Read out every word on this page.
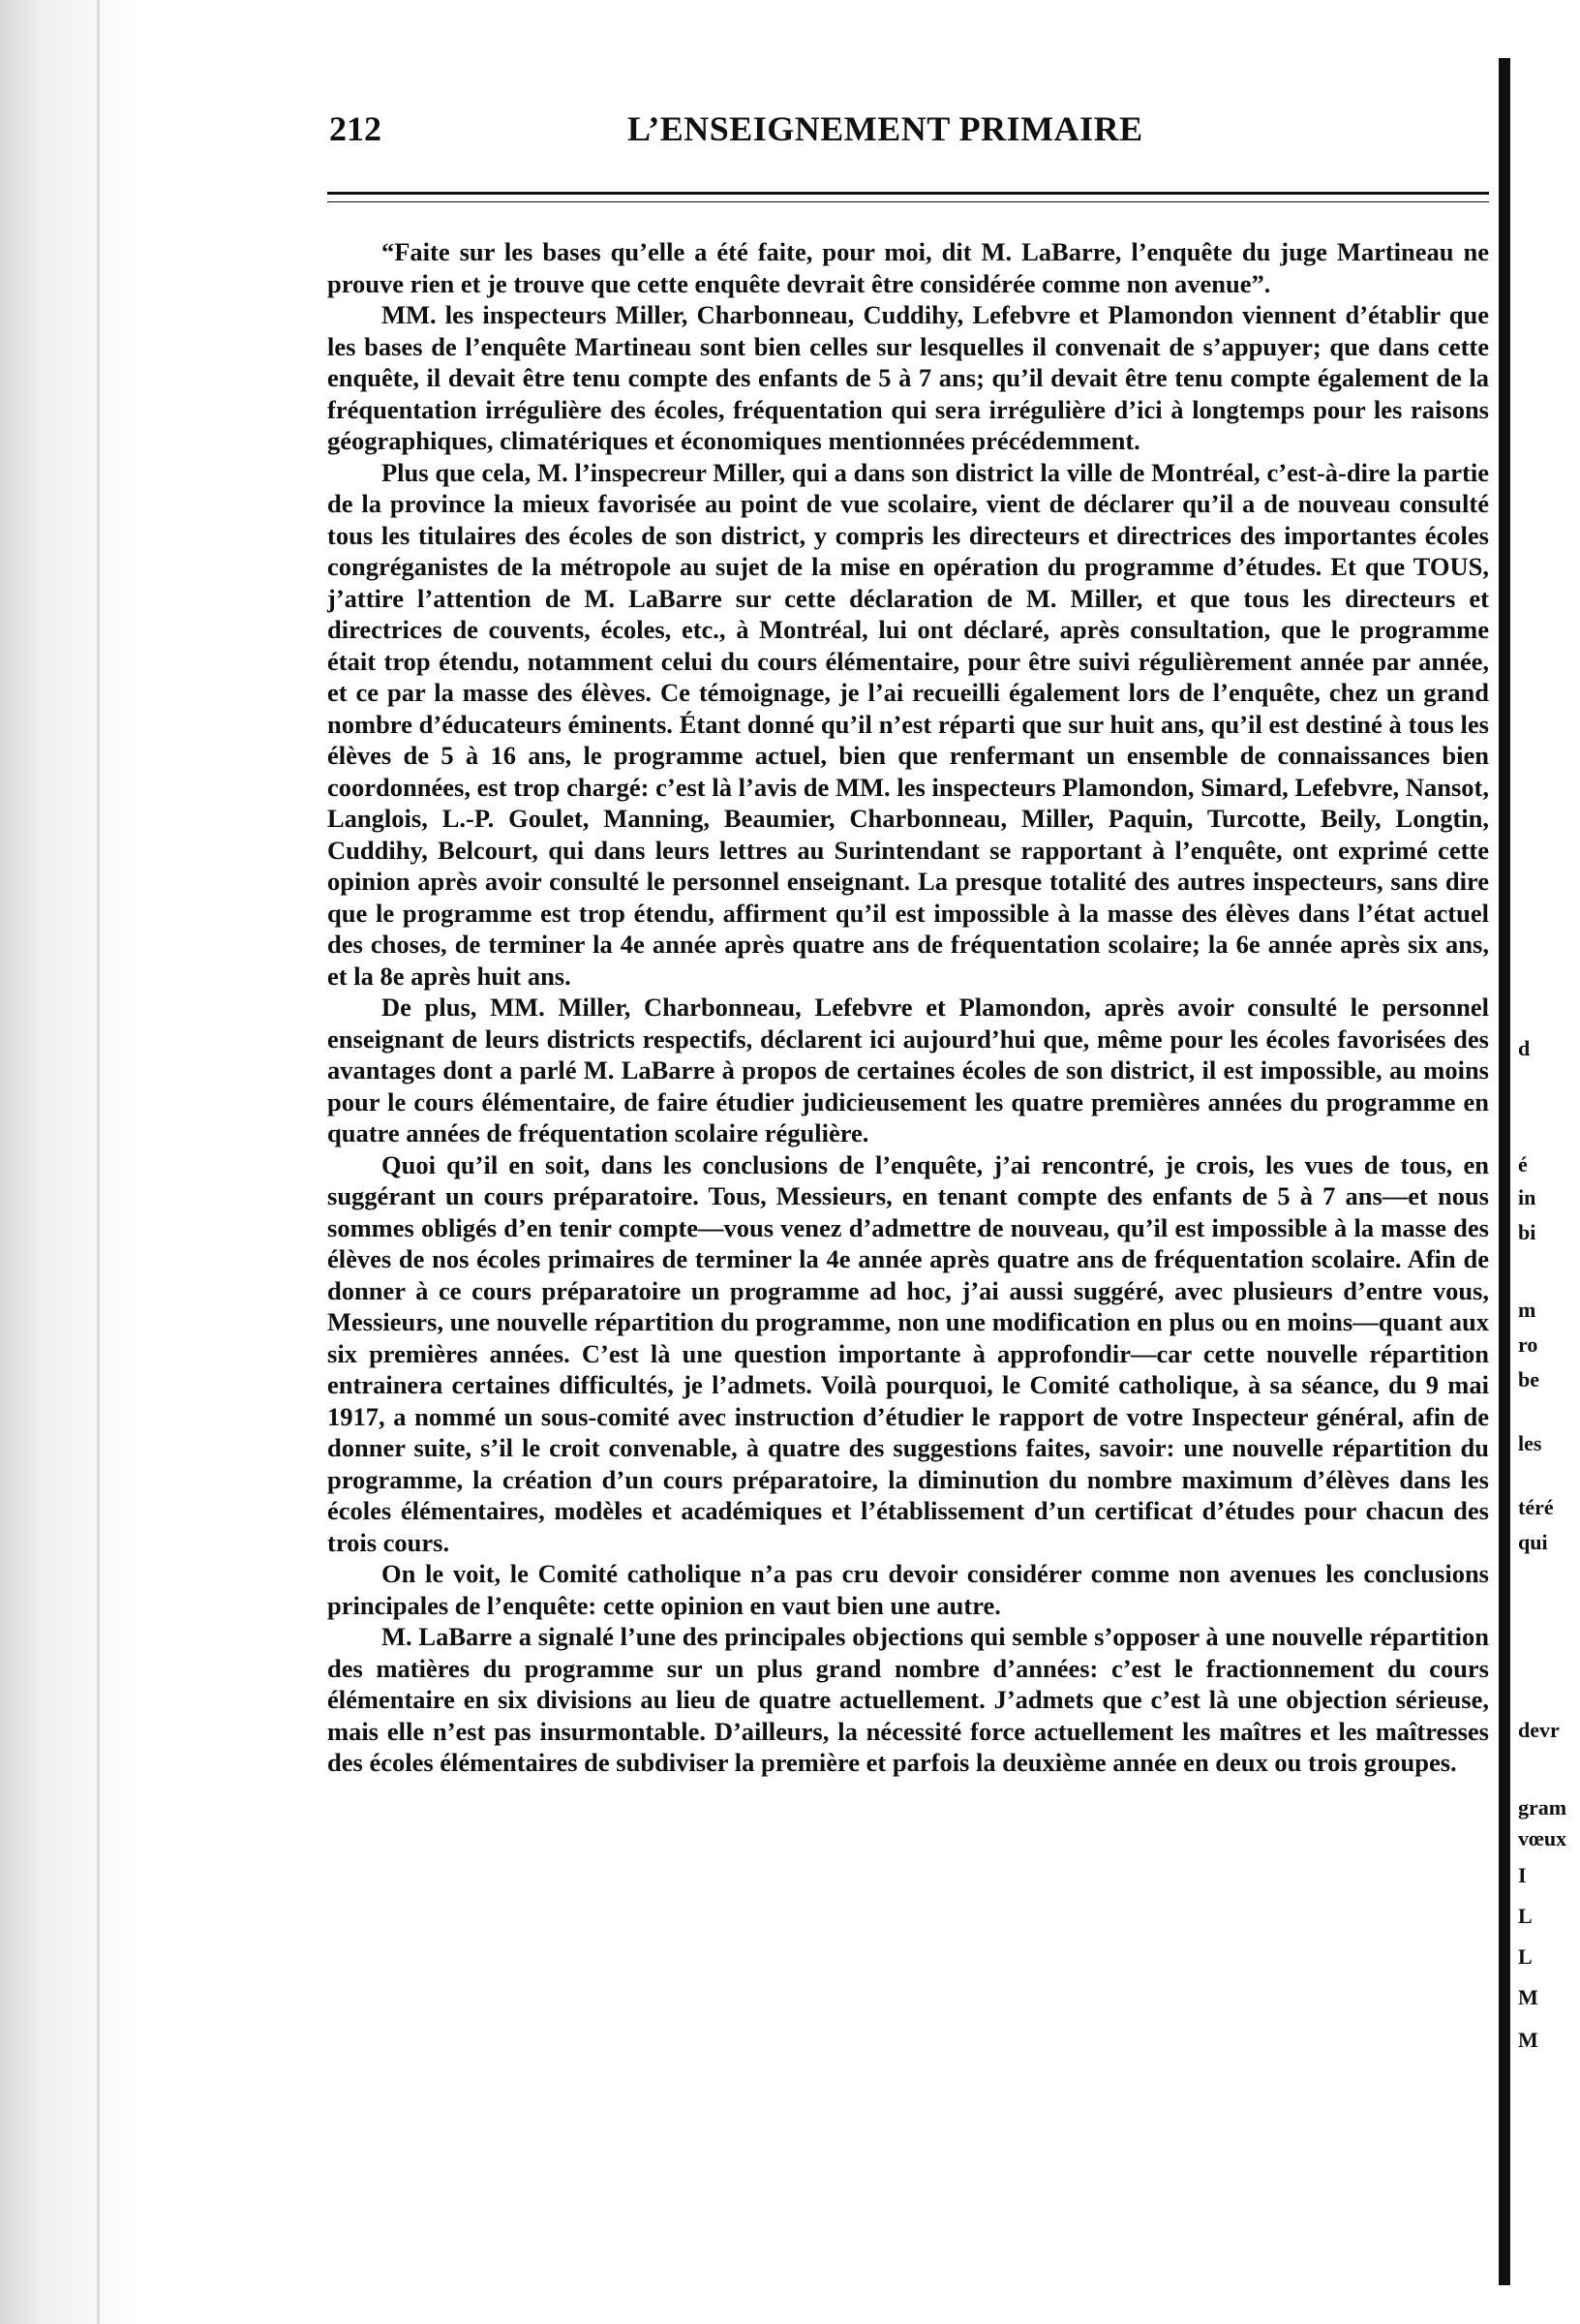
212	L’ENSEIGNEMENT PRIMAIRE

“Faite sur les bases qu’elle a été faite, pour moi, dit M. LaBarre, l’enquête du juge Martineau ne prouve rien et je trouve que cette enquête devrait être considérée comme non avenue”.

MM. les inspecteurs Miller, Charbonneau, Cuddihy, Lefebvre et Plamondon viennent d’établir que les bases de l’enquête Martineau sont bien celles sur lesquelles il convenait de s’appuyer; que dans cette enquête, il devait être tenu compte des enfants de 5 à 7 ans; qu’il devait être tenu compte également de la fréquentation irrégulière des écoles, fréquentation qui sera irrégulière d’ici à longtemps pour les raisons géographiques, climatériques et économiques mentionnées précédemment.

Plus que cela, M. l’inspecreur Miller, qui a dans son district la ville de Montréal, c’est-à-dire la partie de la province la mieux favorisée au point de vue scolaire, vient de déclarer qu’il a de nouveau consulté tous les titulaires des écoles de son district, y compris les directeurs et directrices des importantes écoles congréganistes de la métropole au sujet de la mise en opération du programme d’études. Et que TOUS, j’attire l’attention de M. LaBarre sur cette déclaration de M. Miller, et que tous les directeurs et directrices de couvents, écoles, etc., à Montréal, lui ont déclaré, après consultation, que le programme était trop étendu, notamment celui du cours élémentaire, pour être suivi régulièrement année par année, et ce par la masse des élèves. Ce témoignage, je l’ai recueilli également lors de l’enquête, chez un grand nombre d’éducateurs éminents. Étant donné qu’il n’est réparti que sur huit ans, qu’il est destiné à tous les élèves de 5 à 16 ans, le programme actuel, bien que renfermant un ensemble de connaissances bien coordonnées, est trop chargé: c’est là l’avis de MM. les inspecteurs Plamondon, Simard, Lefebvre, Nansot, Langlois, L.-P. Goulet, Manning, Beaumier, Charbonneau, Miller, Paquin, Turcotte, Beily, Longtin, Cuddihy, Belcourt, qui dans leurs lettres au Surintendant se rapportant à l’enquête, ont exprimé cette opinion après avoir consulté le personnel enseignant. La presque totalité des autres inspecteurs, sans dire que le programme est trop étendu, affirment qu’il est impossible à la masse des élèves dans l’état actuel des choses, de terminer la 4e année après quatre ans de fréquentation scolaire; la 6e année après six ans, et la 8e après huit ans.

De plus, MM. Miller, Charbonneau, Lefebvre et Plamondon, après avoir consulté le personnel enseignant de leurs districts respectifs, déclarent ici aujourd’hui que, même pour les écoles favorisées des avantages dont a parlé M. LaBarre à propos de certaines écoles de son district, il est impossible, au moins pour le cours élémentaire, de faire étudier judicieusement les quatre premières années du programme en quatre années de fréquentation scolaire régulière.

Quoi qu’il en soit, dans les conclusions de l’enquête, j’ai rencontré, je crois, les vues de tous, en suggérant un cours préparatoire. Tous, Messieurs, en tenant compte des enfants de 5 à 7 ans—et nous sommes obligés d’en tenir compte—vous venez d’admettre de nouveau, qu’il est impossible à la masse des élèves de nos écoles primaires de terminer la 4e année après quatre ans de fréquentation scolaire. Afin de donner à ce cours préparatoire un programme ad hoc, j’ai aussi suggéré, avec plusieurs d’entre vous, Messieurs, une nouvelle répartition du programme, non une modification en plus ou en moins—quant aux six premières années. C’est là une question importante à approfondir—car cette nouvelle répartition entrainera certaines difficultés, je l’admets. Voilà pourquoi, le Comité catholique, à sa séance, du 9 mai 1917, a nommé un sous-comité avec instruction d’étudier le rapport de votre Inspecteur général, afin de donner suite, s’il le croit convenable, à quatre des suggestions faites, savoir: une nouvelle répartition du programme, la création d’un cours préparatoire, la diminution du nombre maximum d’élèves dans les écoles élémentaires, modèles et académiques et l’établissement d’un certificat d’études pour chacun des trois cours.

On le voit, le Comité catholique n’a pas cru devoir considérer comme non avenues les conclusions principales de l’enquête: cette opinion en vaut bien une autre.

M. LaBarre a signalé l’une des principales objections qui semble s’opposer à une nouvelle répartition des matières du programme sur un plus grand nombre d’années: c’est le fractionnement du cours élémentaire en six divisions au lieu de quatre actuellement. J’admets que c’est là une objection sérieuse, mais elle n’est pas insurmontable. D’ailleurs, la nécessité force actuellement les maîtres et les maîtresses des écoles élémentaires de subdiviser la première et parfois la deuxième année en deux ou trois groupes.

é
d
in
bi
m
ro
be
les
téré
qui
devr
gram
vœux
I
L
L
M
M
